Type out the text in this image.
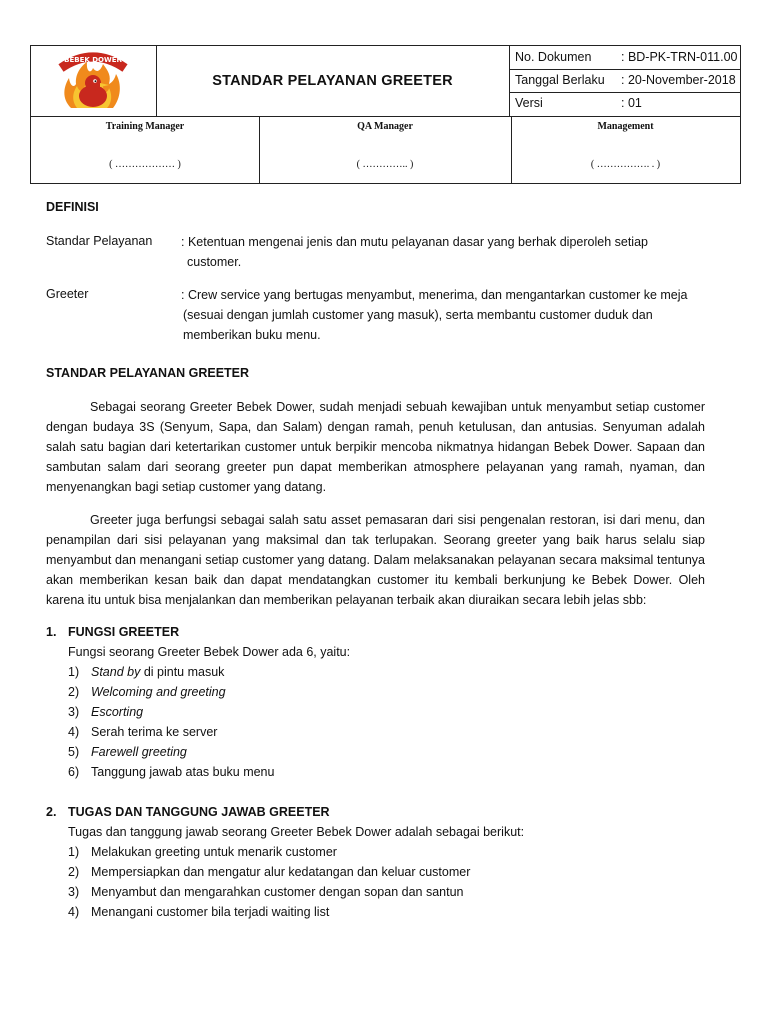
BEBEK DOWER
STANDAR PELAYANAN GREETER
No. Dokumen : BD-PK-TRN-011.00
Tanggal Berlaku : 20-November-2018
Versi	: 01
Training Manager
( ……………… )
QA Manager
( ………….. )
Management
( ……………. . )
DEFINISI
Standar Pelayanan : Ketentuan mengenai jenis dan mutu pelayanan dasar yang berhak diperoleh setiap
customer.
Greeter	: Crew service yang bertugas menyambut, menerima, dan mengantarkan customer ke meja
(sesuai dengan jumlah customer yang masuk), serta membantu customer duduk dan
memberikan buku menu.
STANDAR PELAYANAN GREETER

Sebagai seorang Greeter Bebek Dower, sudah menjadi sebuah kewajiban untuk menyambut setiap customer dengan budaya 3S (Senyum, Sapa, dan Salam) dengan ramah, penuh ketulusan, dan antusias. Senyuman adalah salah satu bagian dari ketertarikan customer untuk berpikir mencoba nikmatnya hidangan Bebek Dower. Sapaan dan sambutan salam dari seorang greeter pun dapat memberikan atmosphere pelayanan yang ramah, nyaman, dan menyenangkan bagi setiap customer yang datang.

Greeter juga berfungsi sebagai salah satu asset pemasaran dari sisi pengenalan restoran, isi dari menu, dan penampilan dari sisi pelayanan yang maksimal dan tak terlupakan. Seorang greeter yang baik harus selalu siap menyambut dan menangani setiap customer yang datang. Dalam melaksanakan pelayanan secara maksimal tentunya akan memberikan kesan baik dan dapat mendatangkan customer itu kembali berkunjung ke Bebek Dower. Oleh karena itu untuk bisa menjalankan dan memberikan pelayanan terbaik akan diuraikan secara lebih jelas sbb:

1. FUNGSI GREETER
Fungsi seorang Greeter Bebek Dower ada 6, yaitu:
1) Stand by di pintu masuk
2) Welcoming and greeting
3) Escorting
4) Serah terima ke server
5) Farewell greeting
6) Tanggung jawab atas buku menu
2. TUGAS DAN TANGGUNG JAWAB GREETER
Tugas dan tanggung jawab seorang Greeter Bebek Dower adalah sebagai berikut:
1) Melakukan greeting untuk menarik customer
2) Mempersiapkan dan mengatur alur kedatangan dan keluar customer
3) Menyambut dan mengarahkan customer dengan sopan dan santun
4) Menangani customer bila terjadi waiting list
